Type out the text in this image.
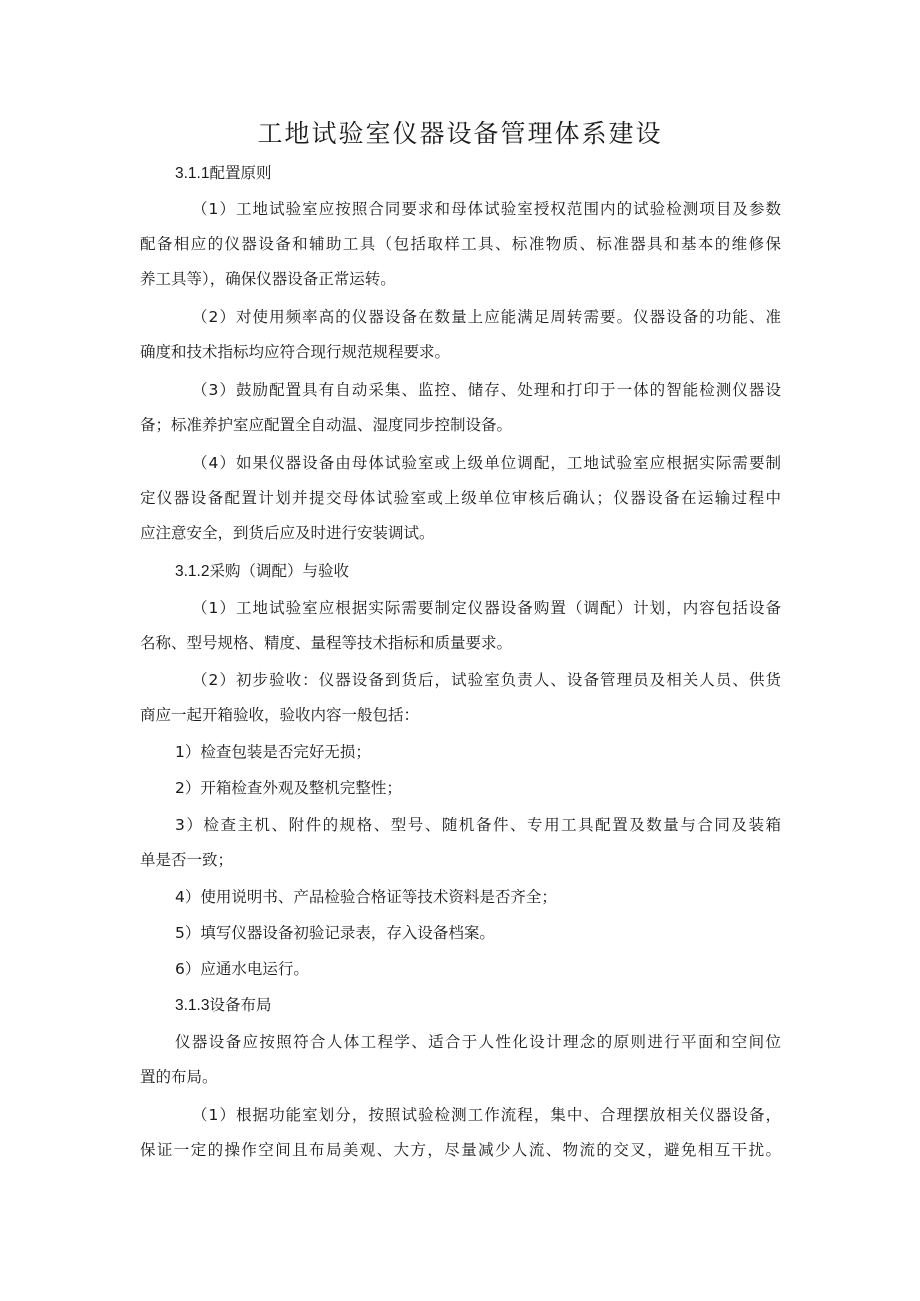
工地试验室仪器设备管理体系建设
3.1.1配置原则
（1）工地试验室应按照合同要求和母体试验室授权范围内的试验检测项目及参数
配备相应的仪器设备和辅助工具（包括取样工具、标准物质、标准器具和基本的维修保
养工具等），确保仪器设备正常运转。
（2）对使用频率高的仪器设备在数量上应能满足周转需要。仪器设备的功能、准
确度和技术指标均应符合现行规范规程要求。
（3）鼓励配置具有自动采集、监控、储存、处理和打印于一体的智能检测仪器设
备；标准养护室应配置全自动温、湿度同步控制设备。
（4）如果仪器设备由母体试验室或上级单位调配，工地试验室应根据实际需要制
定仪器设备配置计划并提交母体试验室或上级单位审核后确认；仪器设备在运输过程中
应注意安全，到货后应及时进行安装调试。
3.1.2采购（调配）与验收
（1）工地试验室应根据实际需要制定仪器设备购置（调配）计划，内容包括设备
名称、型号规格、精度、量程等技术指标和质量要求。
（2）初步验收：仪器设备到货后，试验室负责人、设备管理员及相关人员、供货
商应一起开箱验收，验收内容一般包括：
1）检查包装是否完好无损；
2）开箱检查外观及整机完整性；
3）检查主机、附件的规格、型号、随机备件、专用工具配置及数量与合同及装箱
单是否一致；
4）使用说明书、产品检验合格证等技术资料是否齐全；
5）填写仪器设备初验记录表，存入设备档案。
6）应通水电运行。
3.1.3设备布局
仪器设备应按照符合人体工程学、适合于人性化设计理念的原则进行平面和空间位
置的布局。
（1）根据功能室划分，按照试验检测工作流程，集中、合理摆放相关仪器设备，
保证一定的操作空间且布局美观、大方，尽量减少人流、物流的交叉，避免相互干扰。
